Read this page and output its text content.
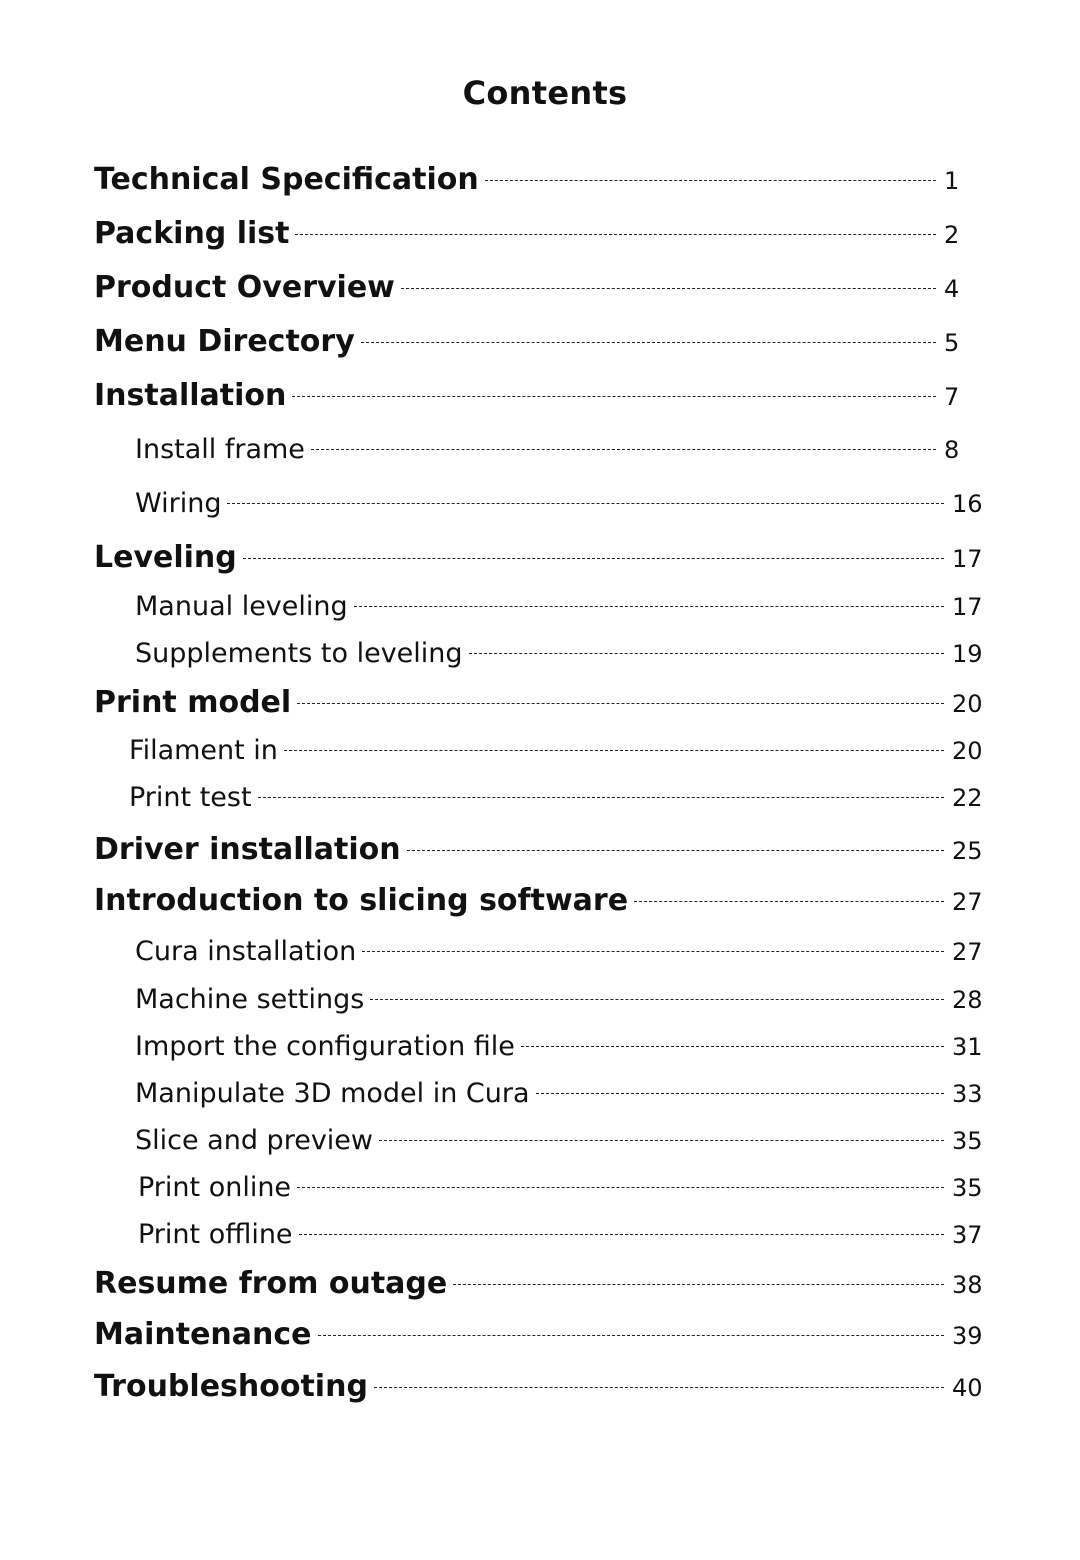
Contents
Technical Specification	1
Packing list	2
Product Overview	4
Menu Directory	5
Installation	7
Install frame	8
Wiring	16
Leveling	17
Manual leveling	17
Supplements to leveling	19
Print model	20
Filament in	20
Print test	22
Driver installation	25
Introduction to slicing software	27
Cura installation	27
Machine settings	28
Import the configuration file	31
Manipulate 3D model in Cura	33
Slice and preview	35
Print online	35
Print offline	37
Resume from outage	38
Maintenance	39
Troubleshooting	40
